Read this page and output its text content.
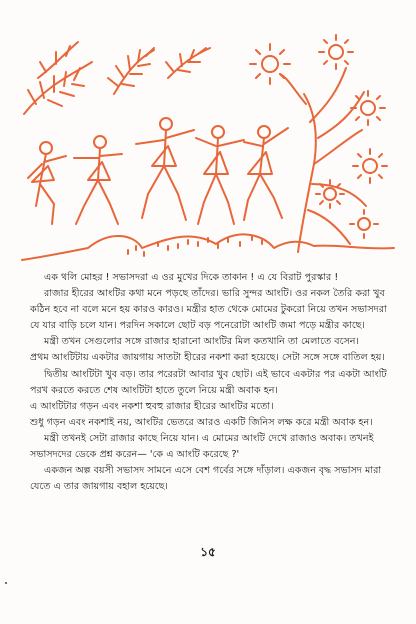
এক থলি মোহর ! সভাসদরা এ ওর মুখের দিকে তাকান ! এ যে বিরাট পুরস্কার !

রাজার হীরের আংটির কথা মনে পড়ছে তাঁদের। ভারি সুন্দর আংটি। ওর নকল তৈরি করা খুব কঠিন হবে না বলে মনে হয় কারও কারও। মন্ত্রীর হাত থেকে মোমের টুকরো নিয়ে তখন সভাসদরা যে যার বাড়ি চলে যান। পরদিন সকালে ছোট বড় পনেরোটা আংটি জমা পড়ে মন্ত্রীর কাছে।

মন্ত্রী তখন সেগুলোর সঙ্গে রাজার হারানো আংটির মিল কতখানি তা মেলাতে বসেন।

প্রথম আংটিটায় একটার জায়গায় সাতটা হীরের নকশা করা হয়েছে। সেটা সঙ্গে সঙ্গে বাতিল হয়।

দ্বিতীয় আংটিটা খুব বড়। তার পরেরটা আবার খুব ছোট। এই ভাবে একটার পর একটা আংটি পরখ করতে করতে শেষ আংটিটা হাতে তুলে নিয়ে মন্ত্রী অবাক হন।

এ আংটিটার গড়ন এবং নকশা হুবহু রাজার হীরের আংটির মতো।

শুধু গড়ন এবং নকশাই নয়, আংটির ভেতরে আরও একটি জিনিস লক্ষ করে মন্ত্রী অবাক হন।

মন্ত্রী তখনই সেটা রাজার কাছে নিয়ে যান। এ মোমের আংটি দেখে রাজাও অবাক। তখনই সভাসদদের ডেকে প্রশ্ন করেন— 'কে এ আংটি করেছে ?'

একজন অল্প বয়সী সভাসদ সামনে এসে বেশ গর্বের সঙ্গে দাঁড়াল। একজন বৃদ্ধ সভাসদ মারা যেতে এ তার জায়গায় বহাল হয়েছে।

১৫
